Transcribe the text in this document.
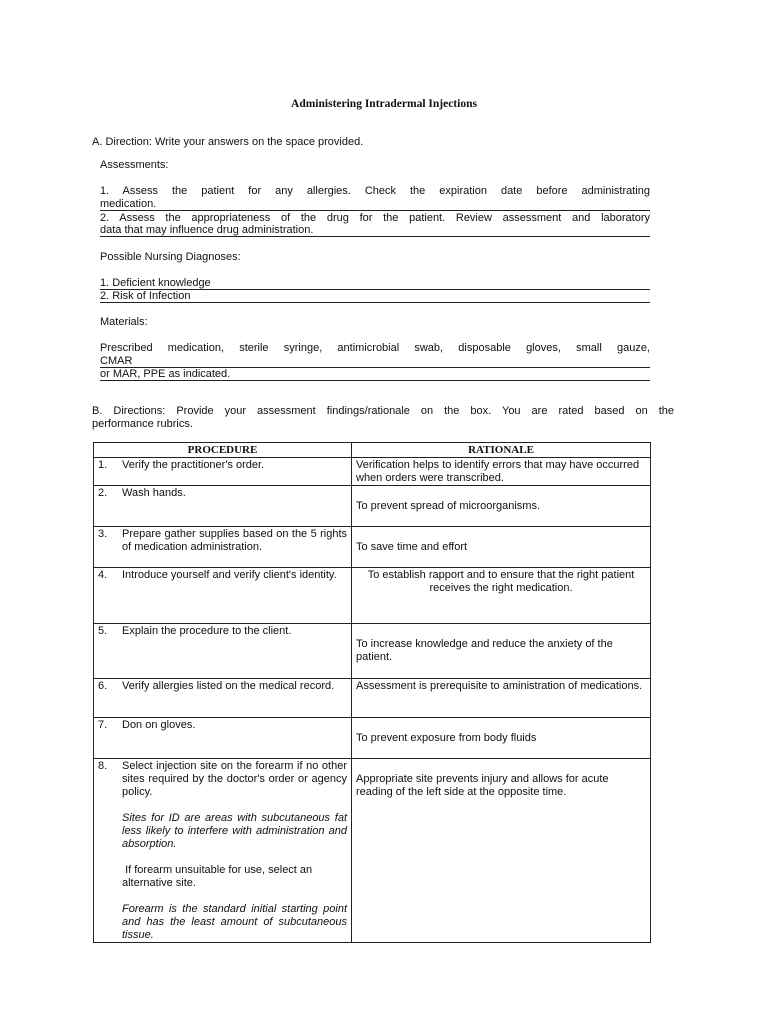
Administering Intradermal Injections
A. Direction: Write your answers on the space provided.
Assessments:
1. Assess the patient for any allergies. Check the expiration date before administrating
medication.
2. Assess the appropriateness of the drug for the patient. Review assessment and laboratory
data that may influence drug administration.
Possible Nursing Diagnoses:
1. Deficient knowledge
2. Risk of Infection
Materials:
Prescribed medication, sterile syringe, antimicrobial swab, disposable gloves, small gauze,
CMAR
or MAR, PPE as indicated.
B. Directions: Provide your assessment findings/rationale on the box. You are rated based on the
performance rubrics.
PROCEDURE	RATIONALE

1. Verify the practitioner's order.	Verification helps to identify errors that may have occurred when orders were transcribed.

2. Wash hands.	To prevent spread of microorganisms.

3. Prepare gather supplies based on the 5 rights of medication administration.	To save time and effort

4. Introduce yourself and verify client's identity.	To establish rapport and to ensure that the right patient receives the right medication.

5. Explain the procedure to the client.	To increase knowledge and reduce the anxiety of the patient.

6. Verify allergies listed on the medical record.	Assessment is prerequisite to aministration of medications.

7. Don on gloves.	To prevent exposure from body fluids

8. Select injection site on the forearm if no other sites required by the doctor's order or agency policy.
Sites for ID are areas with subcutaneous fat less likely to interfere with administration and absorption.
If forearm unsuitable for use, select an alternative site.
Forearm is the standard initial starting point and has the least amount of subcutaneous tissue.	Appropriate site prevents injury and allows for acute reading of the left side at the opposite time.
